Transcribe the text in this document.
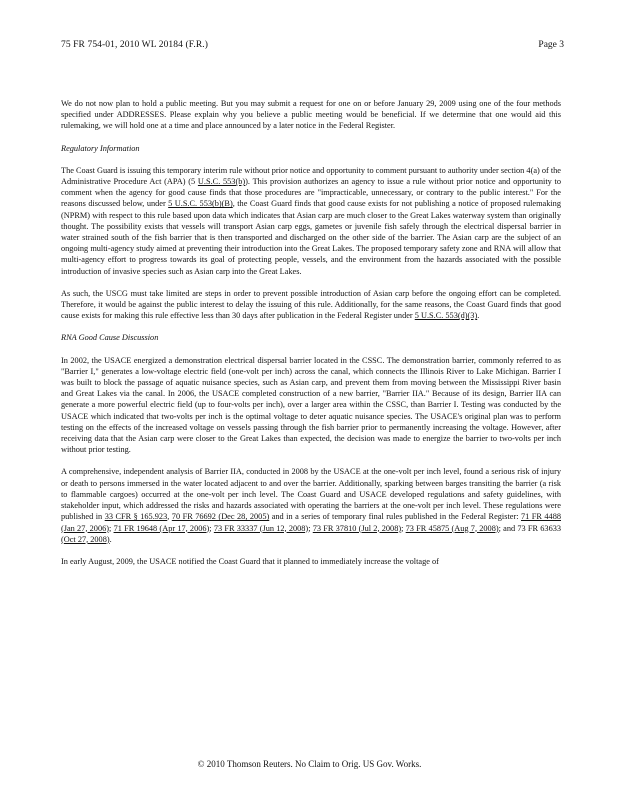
75 FR 754-01, 2010 WL 20184 (F.R.)	Page 3

We do not now plan to hold a public meeting. But you may submit a request for one on or before January 29, 2009 using one of the four methods specified under ADDRESSES. Please explain why you believe a public meeting would be beneficial. If we determine that one would aid this rulemaking, we will hold one at a time and place announced by a later notice in the Federal Register.

Regulatory Information

The Coast Guard is issuing this temporary interim rule without prior notice and opportunity to comment pursuant to authority under section 4(a) of the Administrative Procedure Act (APA) (5 U.S.C. 553(b)). This provision authorizes an agency to issue a rule without prior notice and opportunity to comment when the agency for good cause finds that those procedures are "impracticable, unnecessary, or contrary to the public interest." For the reasons discussed below, under 5 U.S.C. 553(b)(B), the Coast Guard finds that good cause exists for not publishing a notice of proposed rulemaking (NPRM) with respect to this rule based upon data which indicates that Asian carp are much closer to the Great Lakes waterway system than originally thought. The possibility exists that vessels will transport Asian carp eggs, gametes or juvenile fish safely through the electrical dispersal barrier in water strained south of the fish barrier that is then transported and discharged on the other side of the barrier. The Asian carp are the subject of an ongoing multi-agency study aimed at preventing their introduction into the Great Lakes. The proposed temporary safety zone and RNA will allow that multi-agency effort to progress towards its goal of protecting people, vessels, and the environment from the hazards associated with the possible introduction of invasive species such as Asian carp into the Great Lakes.

As such, the USCG must take limited are steps in order to prevent possible introduction of Asian carp before the ongoing effort can be completed. Therefore, it would be against the public interest to delay the issuing of this rule. Additionally, for the same reasons, the Coast Guard finds that good cause exists for making this rule effective less than 30 days after publication in the Federal Register under 5 U.S.C. 553(d)(3).

RNA Good Cause Discussion

In 2002, the USACE energized a demonstration electrical dispersal barrier located in the CSSC. The demonstration barrier, commonly referred to as "Barrier I," generates a low-voltage electric field (one-volt per inch) across the canal, which connects the Illinois River to Lake Michigan. Barrier I was built to block the passage of aquatic nuisance species, such as Asian carp, and prevent them from moving between the Mississippi River basin and Great Lakes via the canal. In 2006, the USACE completed construction of a new barrier, "Barrier IIA." Because of its design, Barrier IIA can generate a more powerful electric field (up to four-volts per inch), over a larger area within the CSSC, than Barrier I. Testing was conducted by the USACE which indicated that two-volts per inch is the optimal voltage to deter aquatic nuisance species. The USACE's original plan was to perform testing on the effects of the increased voltage on vessels passing through the fish barrier prior to permanently increasing the voltage. However, after receiving data that the Asian carp were closer to the Great Lakes than expected, the decision was made to energize the barrier to two-volts per inch without prior testing.

A comprehensive, independent analysis of Barrier IIA, conducted in 2008 by the USACE at the one-volt per inch level, found a serious risk of injury or death to persons immersed in the water located adjacent to and over the barrier. Additionally, sparking between barges transiting the barrier (a risk to flammable cargoes) occurred at the one-volt per inch level. The Coast Guard and USACE developed regulations and safety guidelines, with stakeholder input, which addressed the risks and hazards associated with operating the barriers at the one-volt per inch level. These regulations were published in 33 CFR § 165.923, 70 FR 76692 (Dec 28, 2005) and in a series of temporary final rules published in the Federal Register: 71 FR 4488 (Jan 27, 2006); 71 FR 19648 (Apr 17, 2006); 73 FR 33337 (Jun 12, 2008); 73 FR 37810 (Jul 2, 2008); 73 FR 45875 (Aug 7, 2008); and 73 FR 63633 (Oct 27, 2008).

In early August, 2009, the USACE notified the Coast Guard that it planned to immediately increase the voltage of

© 2010 Thomson Reuters. No Claim to Orig. US Gov. Works.
